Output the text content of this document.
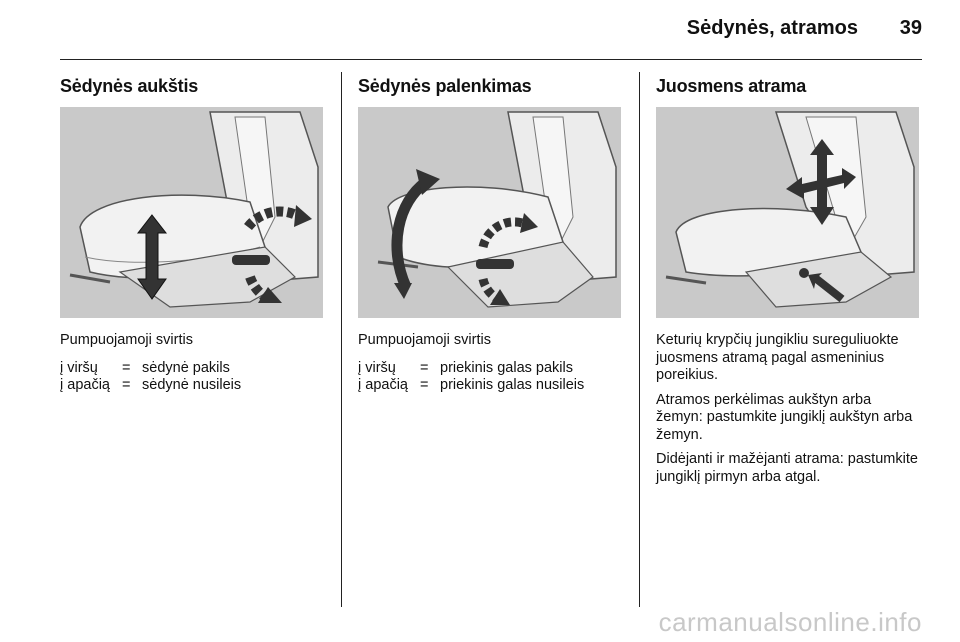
Sėdynės, atramos 39
Sėdynės aukštis
Pumpuojamoji svirtis
į viršų	= sėdynė pakils
į apačią = sėdynė nusileis
Sėdynės palenkimas
Pumpuojamoji svirtis
į viršų	= priekinis galas pakils
į apačią = priekinis galas nusileis
Juosmens atrama
Keturių krypčių jungikliu sureguliuokte juosmens atramą pagal asmeninius poreikius.

Atramos perkėlimas aukštyn arba žemyn: pastumkite jungiklį aukštyn arba žemyn.

Didėjanti ir mažėjanti atrama: pastumkite jungiklį pirmyn arba atgal.

carmanualsonline.info
